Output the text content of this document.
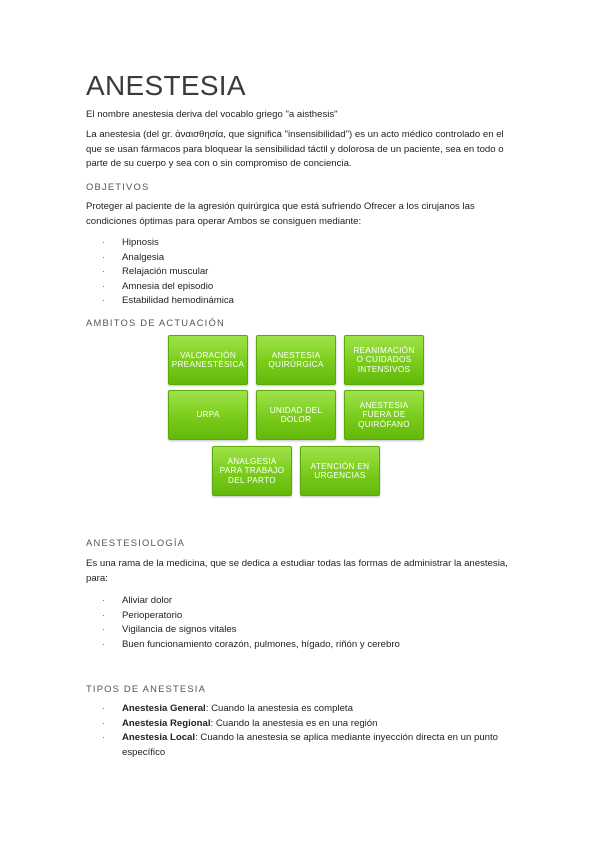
ANESTESIA

El nombre anestesia deriva del vocablo griego "a aisthesis"

La anestesia (del gr. ἀναισθησία, que significa "insensibilidad") es un acto médico controlado en el que se usan fármacos para bloquear la sensibilidad táctil y dolorosa de un paciente, sea en todo o parte de su cuerpo y sea con o sin compromiso de conciencia.

OBJETIVOS

Proteger al paciente de la agresión quirúrgica que está sufriendo Ofrecer a los cirujanos las condiciones óptimas para operar Ambos se consiguen mediante:

· Hipnosis
· Analgesia
· Relajación muscular
· Amnesia del episodio
· Estabilidad hemodinámica

AMBITOS DE ACTUACIÓN

VALORACIÓN PREANESTÉSICA
ANESTESIA QUIRÚRGICA
REANIMACIÓN O CUIDADOS INTENSIVOS
URPA
UNIDAD DEL DOLOR
ANESTESIA FUERA DE QUIRÓFANO
ANALGESIA PARA TRABAJO DEL PARTO
ATENCIÓN EN URGENCIAS

ANESTESIOLOGÍA

Es una rama de la medicina, que se dedica a estudiar todas las formas de administrar la anestesia, para:

· Aliviar dolor
· Perioperatorio
· Vigilancia de signos vitales
· Buen funcionamiento corazón, pulmones, hígado, riñón y cerebro

TIPOS DE ANESTESIA

· Anestesia General: Cuando la anestesia es completa
· Anestesia Regional: Cuando la anestesia es en una región
· Anestesia Local: Cuando la anestesia se aplica mediante inyección directa en un punto específico
